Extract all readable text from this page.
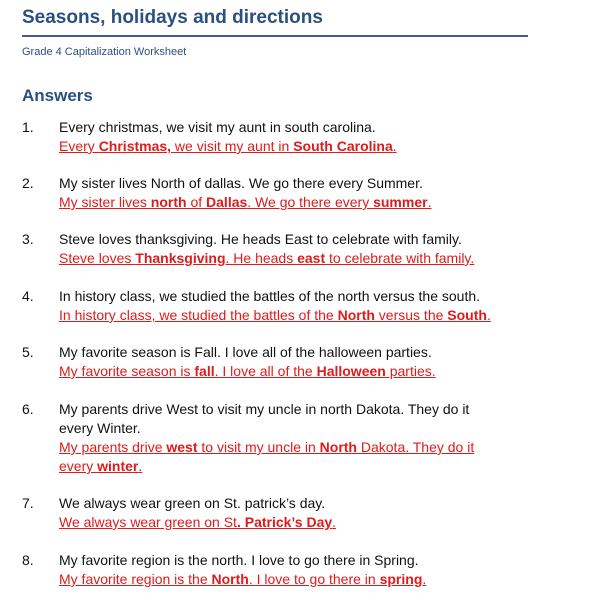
Seasons, holidays and directions
Grade 4 Capitalization Worksheet
Answers
1.	Every christmas, we visit my aunt in south carolina.
Every Christmas, we visit my aunt in South Carolina.
2.	My sister lives North of dallas. We go there every Summer.
My sister lives north of Dallas. We go there every summer.
3.	Steve loves thanksgiving. He heads East to celebrate with family.
Steve loves Thanksgiving. He heads east to celebrate with family.
4.	In history class, we studied the battles of the north versus the south.
In history class, we studied the battles of the North versus the South.
5.	My favorite season is Fall. I love all of the halloween parties.
My favorite season is fall. I love all of the Halloween parties.
6.	My parents drive West to visit my uncle in north Dakota. They do it every Winter.
My parents drive west to visit my uncle in North Dakota. They do it every winter.
7.	We always wear green on St. patrick’s day.
We always wear green on St. Patrick’s Day.
8.	My favorite region is the north. I love to go there in Spring.
My favorite region is the North. I love to go there in spring.
